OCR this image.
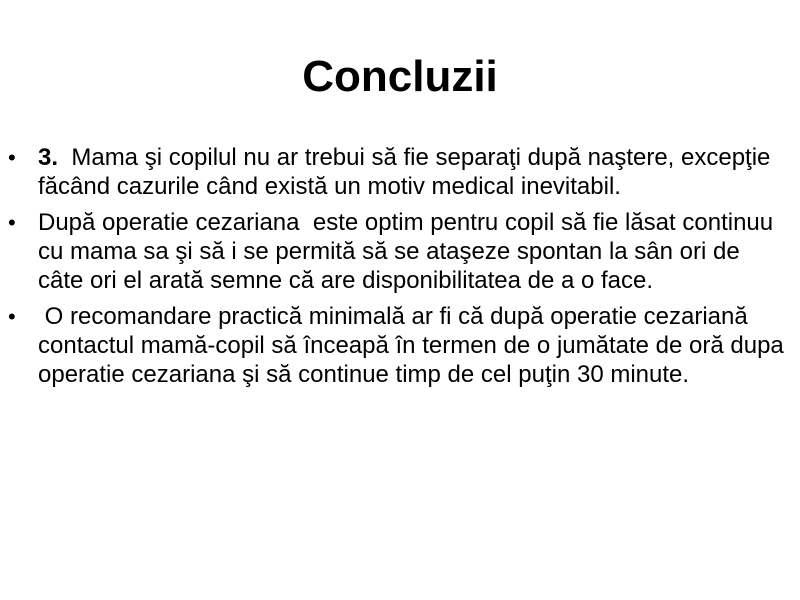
Concluzii
• 3.  Mama şi copilul nu ar trebui să fie separaţi după naştere, excepţie făcând cazurile când există un motiv medical inevitabil.
• După operatie cezariana  este optim pentru copil să fie lăsat continuu cu mama sa şi să i se permită să se ataşeze spontan la sân ori de câte ori el arată semne că are disponibilitatea de a o face.
• O recomandare practică minimală ar fi că după operatie cezariană  contactul mamă-copil să înceapă în termen de o jumătate de oră dupa operatie cezariana şi să continue timp de cel puţin 30 minute.
